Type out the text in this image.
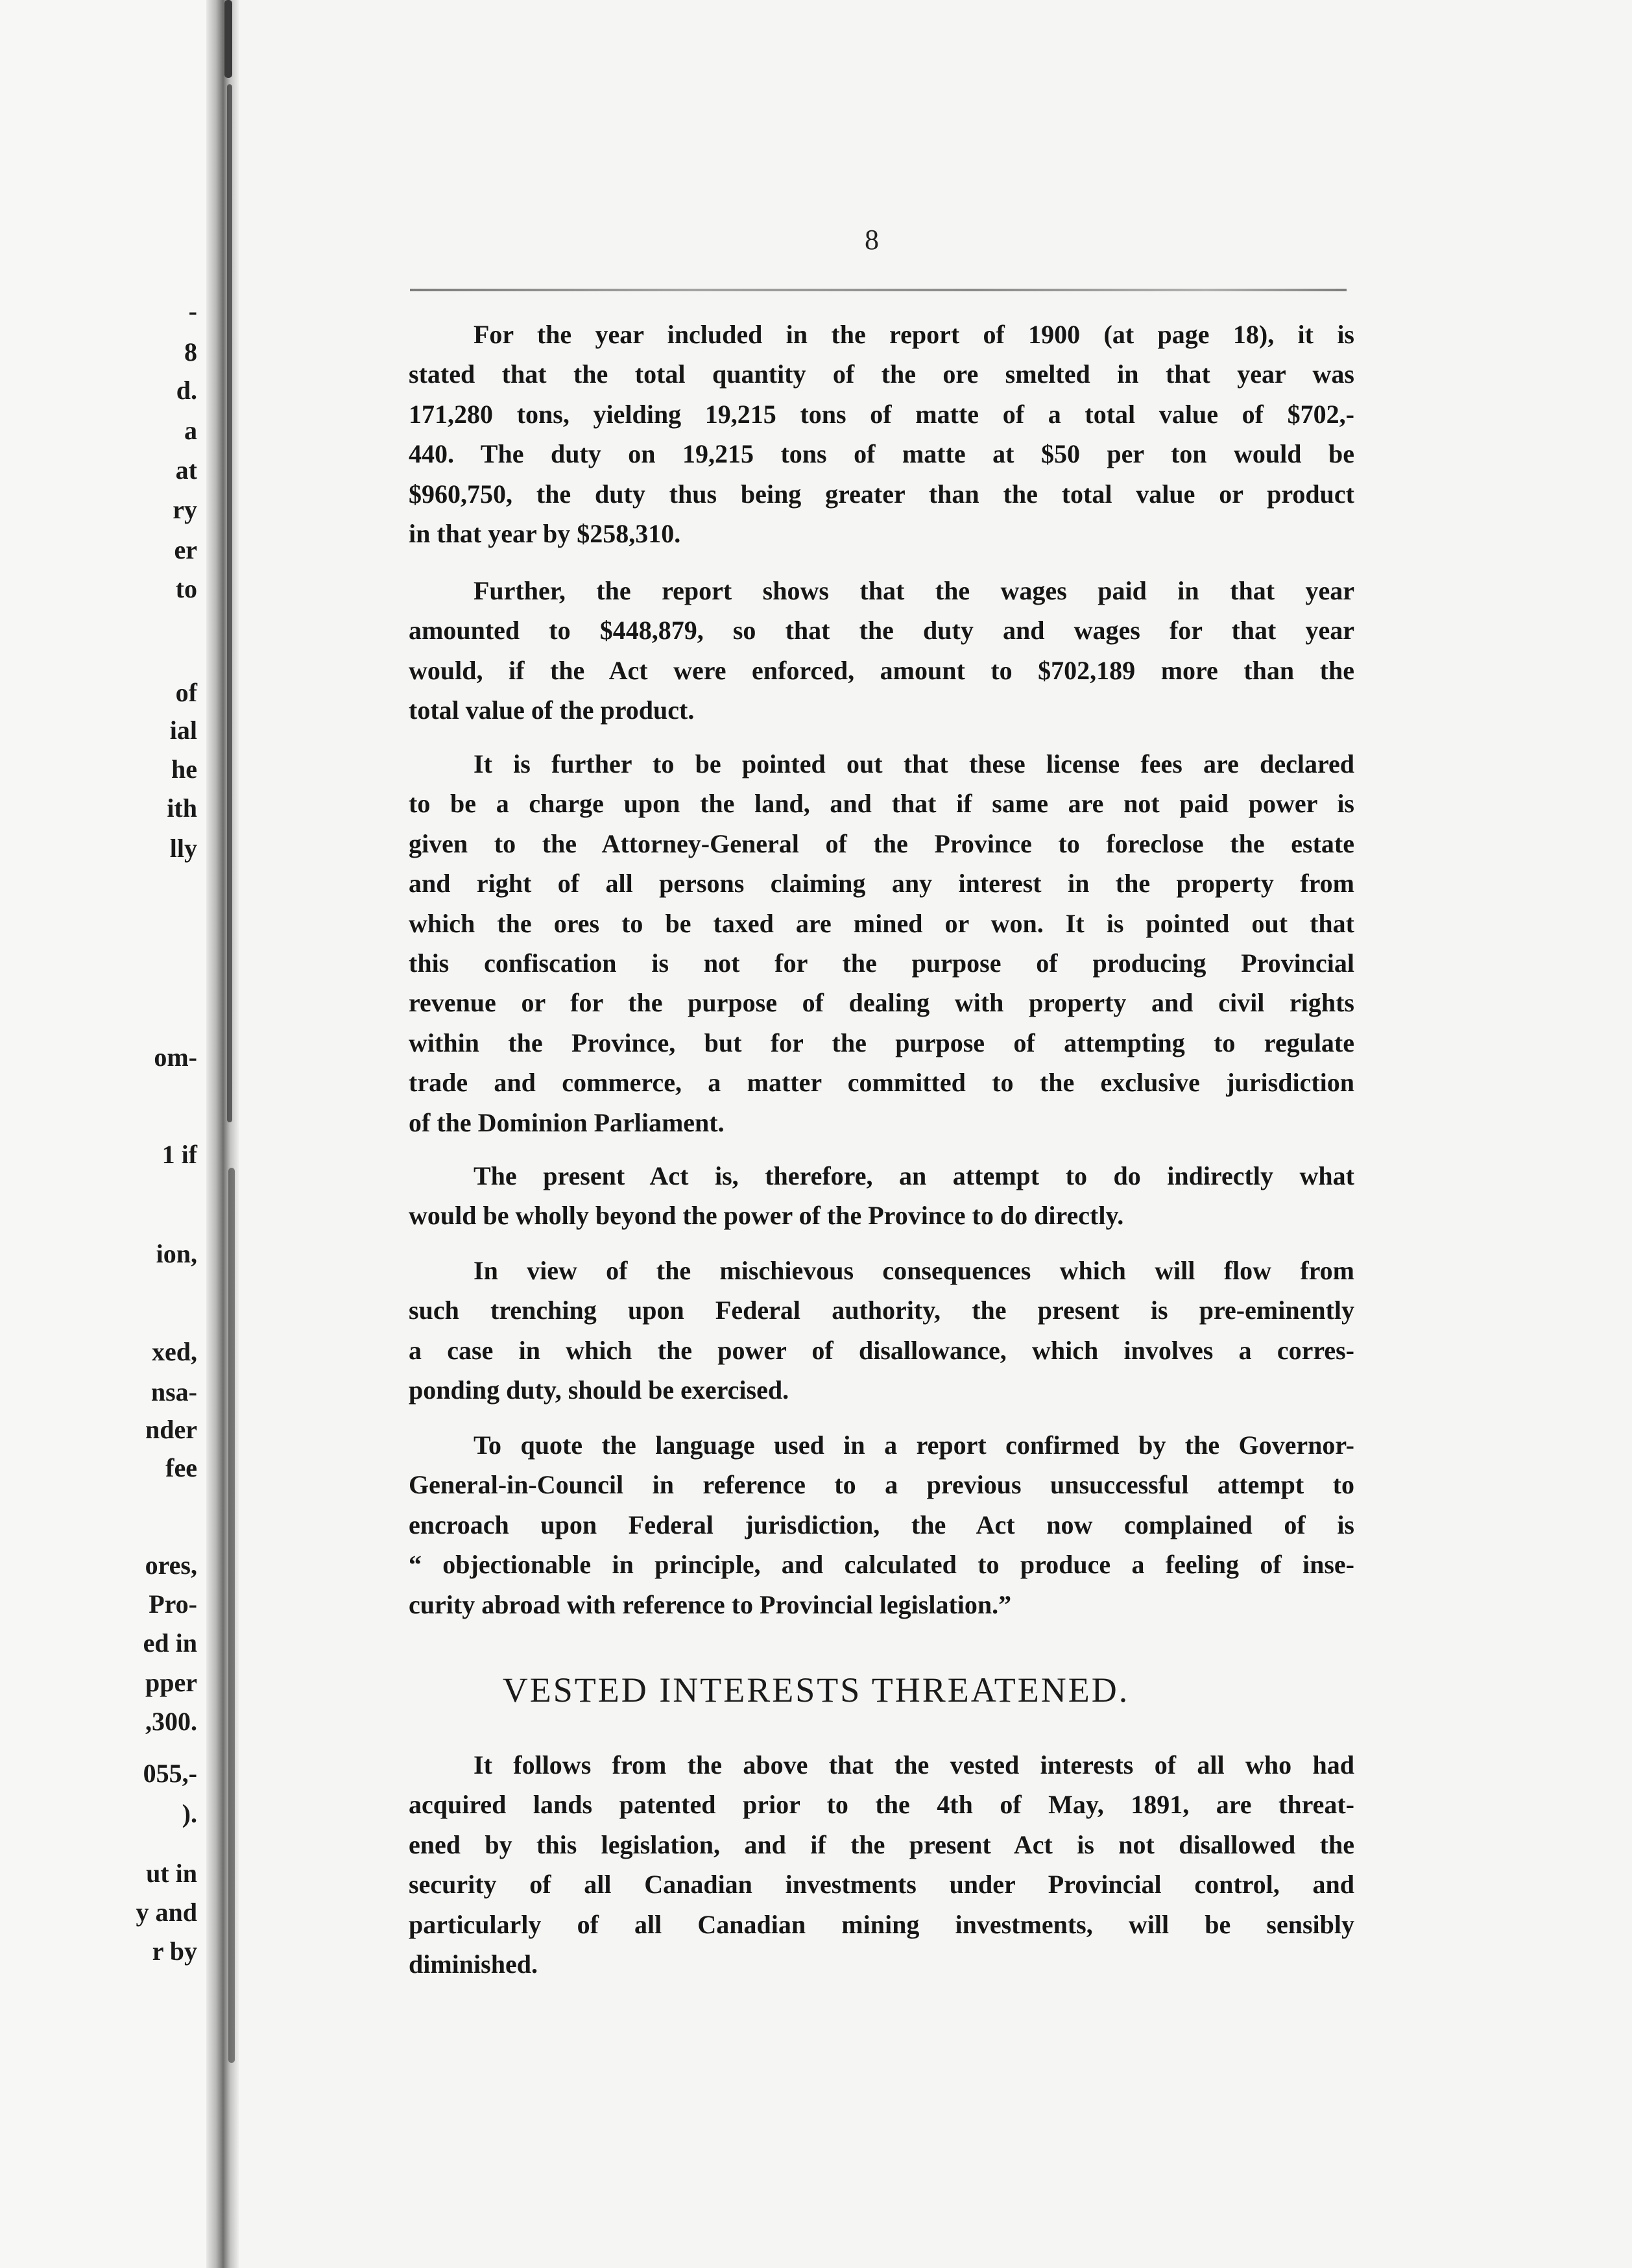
-
8
d.
a
at
ry
er
to
of
ial
he
ith
lly
om-
1 if
ion,
xed,
nsa-
nder
fee
ores,
Pro-
ed in
pper
,300.
055,-
).
ut in
y and
r by
8
For the year included in the report of 1900 (at page 18), it is
stated that the total quantity of the ore smelted in that year was
171,280 tons, yielding 19,215 tons of matte of a total value of $702,-
440. The duty on 19,215 tons of matte at $50 per ton would be
$960,750, the duty thus being greater than the total value or product
in that year by $258,310.
Further, the report shows that the wages paid in that year
amounted to $448,879, so that the duty and wages for that year
would, if the Act were enforced, amount to $702,189 more than the
total value of the product.
It is further to be pointed out that these license fees are declared
to be a charge upon the land, and that if same are not paid power is
given to the Attorney-General of the Province to foreclose the estate
and right of all persons claiming any interest in the property from
which the ores to be taxed are mined or won. It is pointed out that
this confiscation is not for the purpose of producing Provincial
revenue or for the purpose of dealing with property and civil rights
within the Province, but for the purpose of attempting to regulate
trade and commerce, a matter committed to the exclusive jurisdiction
of the Dominion Parliament.
The present Act is, therefore, an attempt to do indirectly what
would be wholly beyond the power of the Province to do directly.
In view of the mischievous consequences which will flow from
such trenching upon Federal authority, the present is pre-eminently
a case in which the power of disallowance, which involves a corres-
ponding duty, should be exercised.
To quote the language used in a report confirmed by the Governor-
General-in-Council in reference to a previous unsuccessful attempt to
encroach upon Federal jurisdiction, the Act now complained of is
“ objectionable in principle, and calculated to produce a feeling of inse-
curity abroad with reference to Provincial legislation.”
VESTED INTERESTS THREATENED.
It follows from the above that the vested interests of all who had
acquired lands patented prior to the 4th of May, 1891, are threat-
ened by this legislation, and if the present Act is not disallowed the
security of all Canadian investments under Provincial control, and
particularly of all Canadian mining investments, will be sensibly
diminished.
